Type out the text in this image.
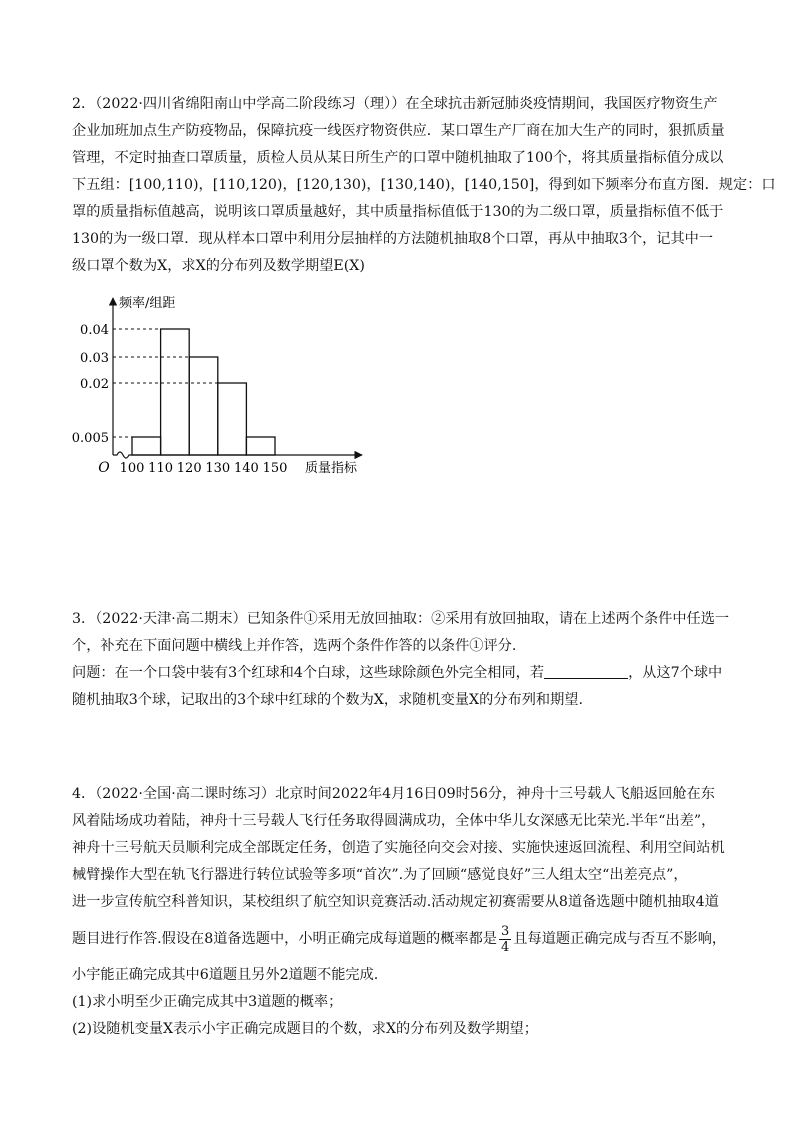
2．（2022·四川省绵阳南山中学高二阶段练习（理））在全球抗击新冠肺炎疫情期间，我国医疗物资生产
企业加班加点生产防疫物品，保障抗疫一线医疗物资供应．某口罩生产厂商在加大生产的同时，狠抓质量
管理，不定时抽查口罩质量，质检人员从某日所生产的口罩中随机抽取了100个，将其质量指标值分成以
下五组：[100,110)，[110,120)，[120,130)，[130,140)，[140,150]，得到如下频率分布直方图．规定：口
罩的质量指标值越高，说明该口罩质量越好，其中质量指标值低于130的为二级口罩，质量指标值不低于
130的为一级口罩．现从样本口罩中利用分层抽样的方法随机抽取8个口罩，再从中抽取3个，记其中一
级口罩个数为X，求X的分布列及数学期望E(X)
0.04
0.03
0.02
0.005
100 110 120 130 140 150
频率/组距
质量指标
O
3．（2022·天津·高二期末）已知条件①采用无放回抽取：②采用有放回抽取，请在上述两个条件中任选一
个，补充在下面问题中横线上并作答，选两个条件作答的以条件①评分.
问题：在一个口袋中装有3个红球和4个白球，这些球除颜色外完全相同，若	，从这7个球中
随机抽取3个球，记取出的3个球中红球的个数为X，求随机变量X的分布列和期望.
4．（2022·全国·高二课时练习）北京时间2022年4月16日09时56分，神舟十三号载人飞船返回舱在东
风着陆场成功着陆，神舟十三号载人飞行任务取得圆满成功，全体中华儿女深感无比荣光.半年“出差”，
神舟十三号航天员顺利完成全部既定任务，创造了实施径向交会对接、实施快速返回流程、利用空间站机
械臂操作大型在轨飞行器进行转位试验等多项“首次”.为了回顾“感觉良好”三人组太空“出差亮点”，
进一步宣传航空科普知识，某校组织了航空知识竞赛活动.活动规定初赛需要从8道备选题中随机抽取4道
题目进行作答.假设在8道备选题中，小明正确完成每道题的概率都是 $\frac{3}{4}$ 且每道题正确完成与否互不影响，
小宇能正确完成其中6道题且另外2道题不能完成.
(1)求小明至少正确完成其中3道题的概率；
(2)设随机变量X表示小宇正确完成题目的个数，求X的分布列及数学期望；
